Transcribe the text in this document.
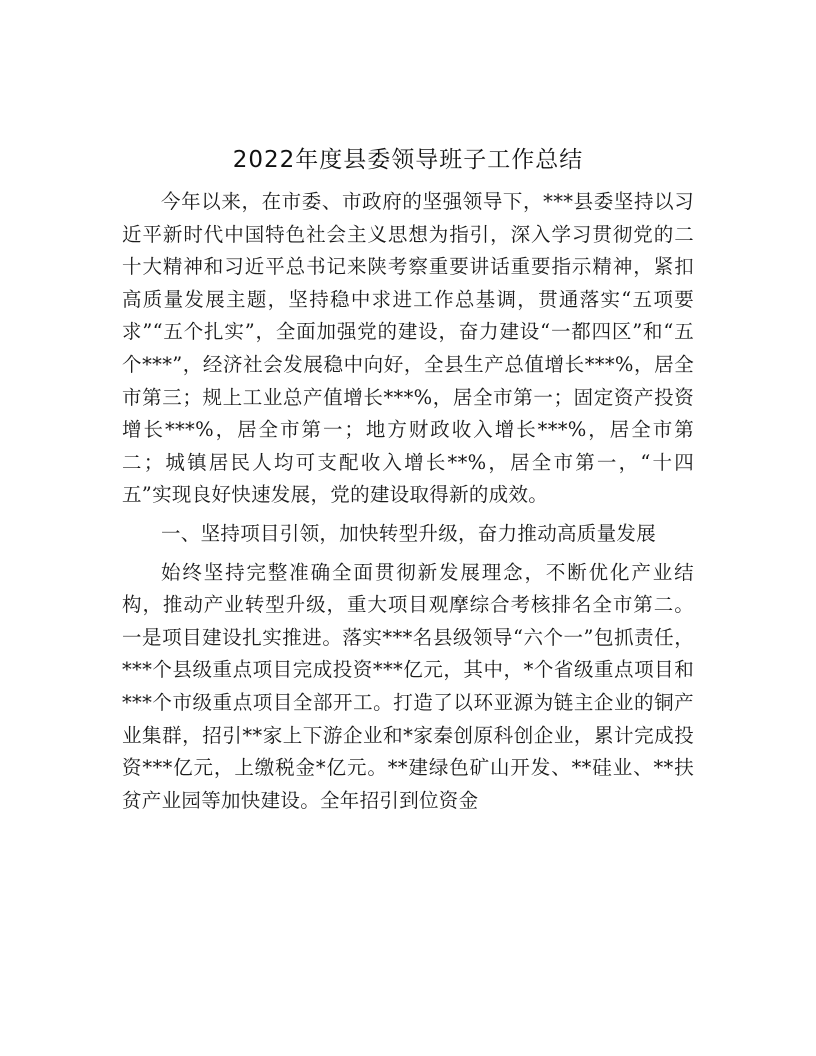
2022年度县委领导班子工作总结

今年以来，在市委、市政府的坚强领导下，***县委坚持以习近平新时代中国特色社会主义思想为指引，深入学习贯彻党的二十大精神和习近平总书记来陕考察重要讲话重要指示精神，紧扣高质量发展主题，坚持稳中求进工作总基调，贯通落实“五项要求”“五个扎实”，全面加强党的建设，奋力建设“一都四区”和“五个***”，经济社会发展稳中向好，全县生产总值增长***%，居全市第三；规上工业总产值增长***%，居全市第一；固定资产投资增长***%，居全市第一；地方财政收入增长***%，居全市第二；城镇居民人均可支配收入增长**%，居全市第一，“十四五”实现良好快速发展，党的建设取得新的成效。

一、坚持项目引领，加快转型升级，奋力推动高质量发展

始终坚持完整准确全面贯彻新发展理念，不断优化产业结构，推动产业转型升级，重大项目观摩综合考核排名全市第二。一是项目建设扎实推进。落实***名县级领导“六个一”包抓责任，***个县级重点项目完成投资***亿元，其中，*个省级重点项目和***个市级重点项目全部开工。打造了以环亚源为链主企业的铜产业集群，招引**家上下游企业和*家秦创原科创企业，累计完成投资***亿元，上缴税金*亿元。**建绿色矿山开发、**硅业、**扶贫产业园等加快建设。全年招引到位资金
